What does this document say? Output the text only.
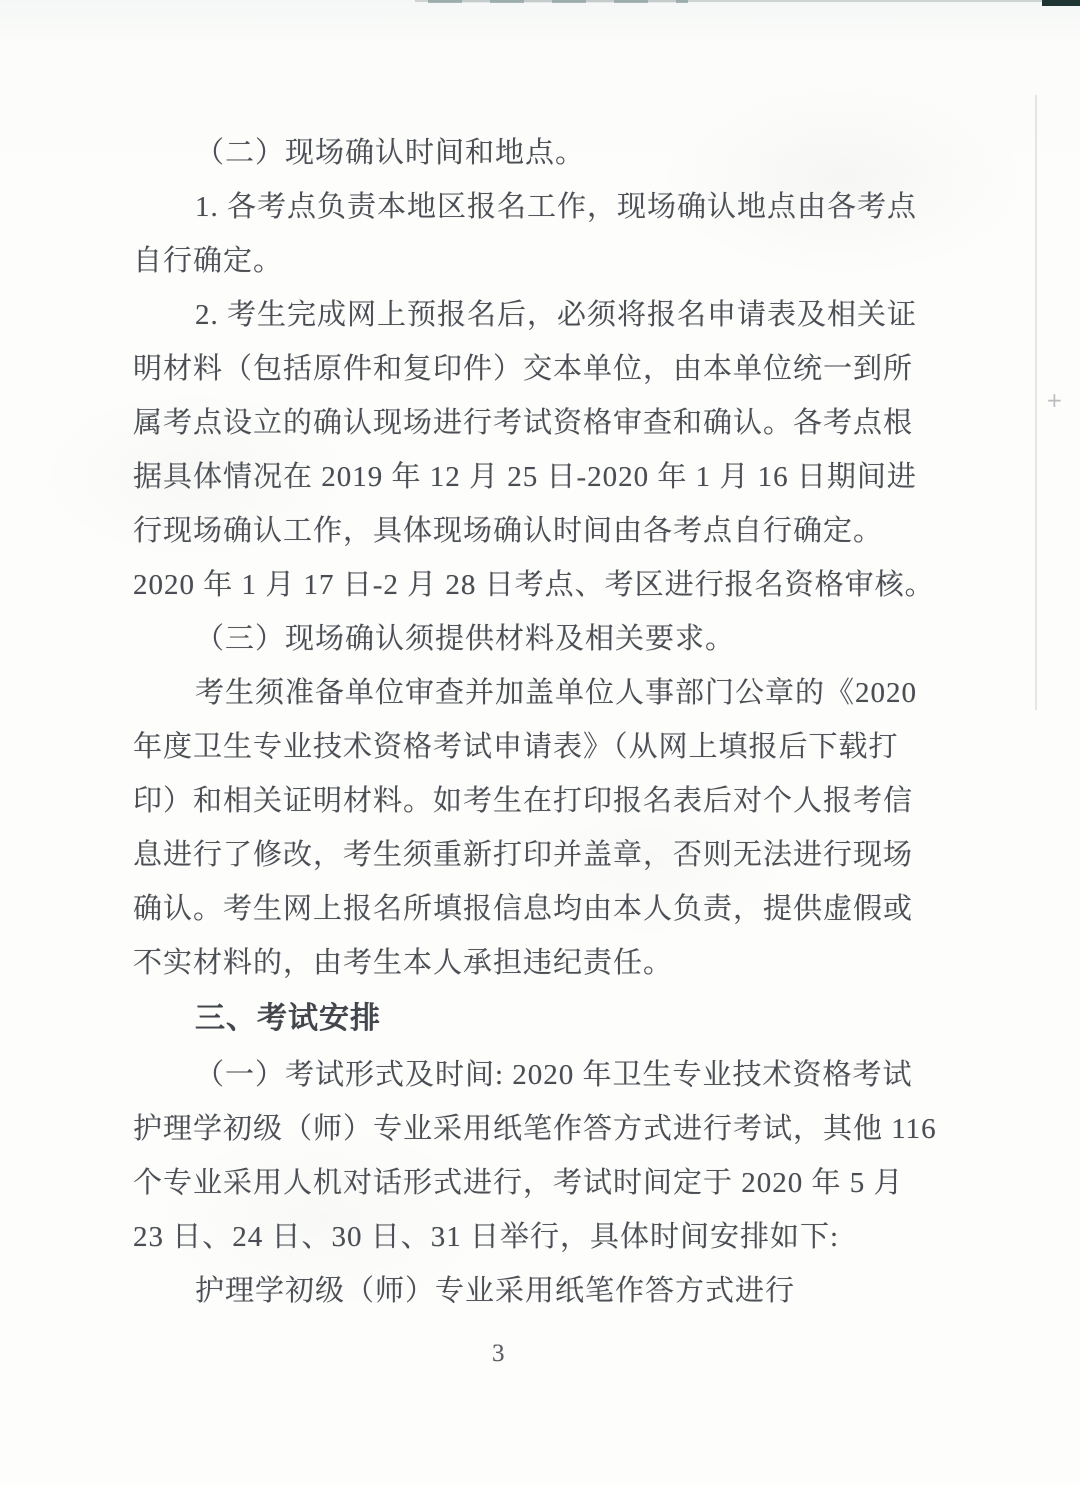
+
（二）现场确认时间和地点。
1. 各考点负责本地区报名工作，现场确认地点由各考点
自行确定。
2. 考生完成网上预报名后，必须将报名申请表及相关证
明材料（包括原件和复印件）交本单位，由本单位统一到所
属考点设立的确认现场进行考试资格审查和确认。各考点根
据具体情况在 2019 年 12 月 25 日-2020 年 1 月 16 日期间进
行现场确认工作，具体现场确认时间由各考点自行确定。
2020 年 1 月 17 日-2 月 28 日考点、考区进行报名资格审核。
（三）现场确认须提供材料及相关要求。
考生须准备单位审查并加盖单位人事部门公章的《2020
年度卫生专业技术资格考试申请表》（从网上填报后下载打
印）和相关证明材料。如考生在打印报名表后对个人报考信
息进行了修改，考生须重新打印并盖章，否则无法进行现场
确认。考生网上报名所填报信息均由本人负责，提供虚假或
不实材料的，由考生本人承担违纪责任。
三、考试安排
（一）考试形式及时间: 2020 年卫生专业技术资格考试
护理学初级（师）专业采用纸笔作答方式进行考试，其他 116
个专业采用人机对话形式进行，考试时间定于 2020 年 5 月
23 日、24 日、30 日、31 日举行，具体时间安排如下:
护理学初级（师）专业采用纸笔作答方式进行
3
